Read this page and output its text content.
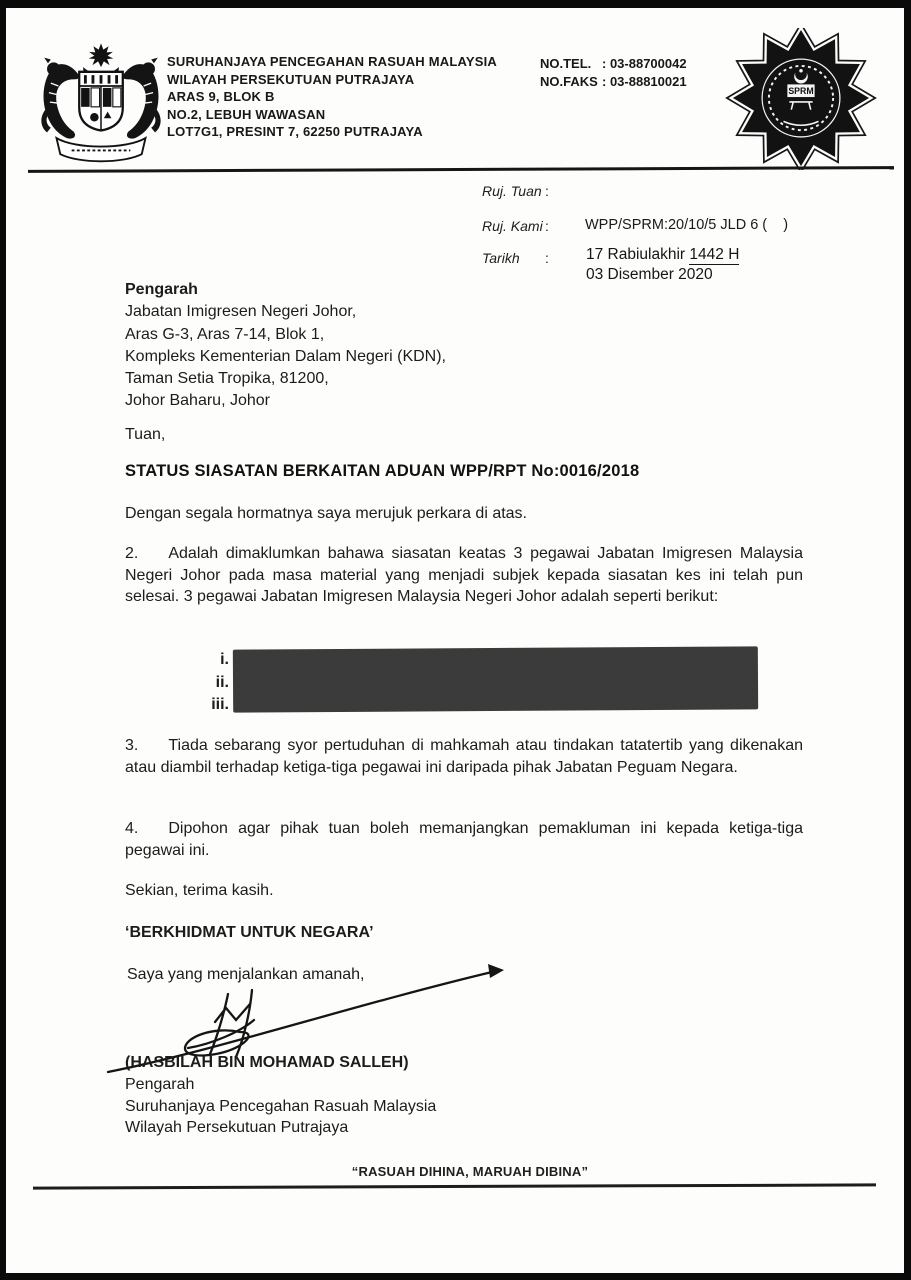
SURUHANJAYA PENCEGAHAN RASUAH MALAYSIA
WILAYAH PERSEKUTUAN PUTRAJAYA
ARAS 9, BLOK B
NO.2, LEBUH WAWASAN
LOT7G1, PRESINT 7, 62250 PUTRAJAYA
NO.TEL. : 03-88700042
NO.FAKS : 03-88810021
SPRM
Ruj. Tuan :
Ruj. Kami : WPP/SPRM:20/10/5 JLD 6 (    )
Tarikh : 17 Rabiulakhir 1442 H
03 Disember 2020
Pengarah
Jabatan Imigresen Negeri Johor,
Aras G-3, Aras 7-14, Blok 1,
Kompleks Kementerian Dalam Negeri (KDN),
Taman Setia Tropika, 81200,
Johor Baharu, Johor
Tuan,
STATUS SIASATAN BERKAITAN ADUAN WPP/RPT No:0016/2018
Dengan segala hormatnya saya merujuk perkara di atas.
2. Adalah dimaklumkan bahawa siasatan keatas 3 pegawai Jabatan Imigresen Malaysia Negeri Johor pada masa material yang menjadi subjek kepada siasatan kes ini telah pun selesai. 3 pegawai Jabatan Imigresen Malaysia Negeri Johor adalah seperti berikut:
i.
ii.
iii.
3. Tiada sebarang syor pertuduhan di mahkamah atau tindakan tatatertib yang dikenakan atau diambil terhadap ketiga-tiga pegawai ini daripada pihak Jabatan Peguam Negara.
4. Dipohon agar pihak tuan boleh memanjangkan pemakluman ini kepada ketiga-tiga pegawai ini.
Sekian, terima kasih.
‘BERKHIDMAT UNTUK NEGARA’
Saya yang menjalankan amanah,
(HASBILAH BIN MOHAMAD SALLEH)
Pengarah
Suruhanjaya Pencegahan Rasuah Malaysia
Wilayah Persekutuan Putrajaya
“RASUAH DIHINA, MARUAH DIBINA”
